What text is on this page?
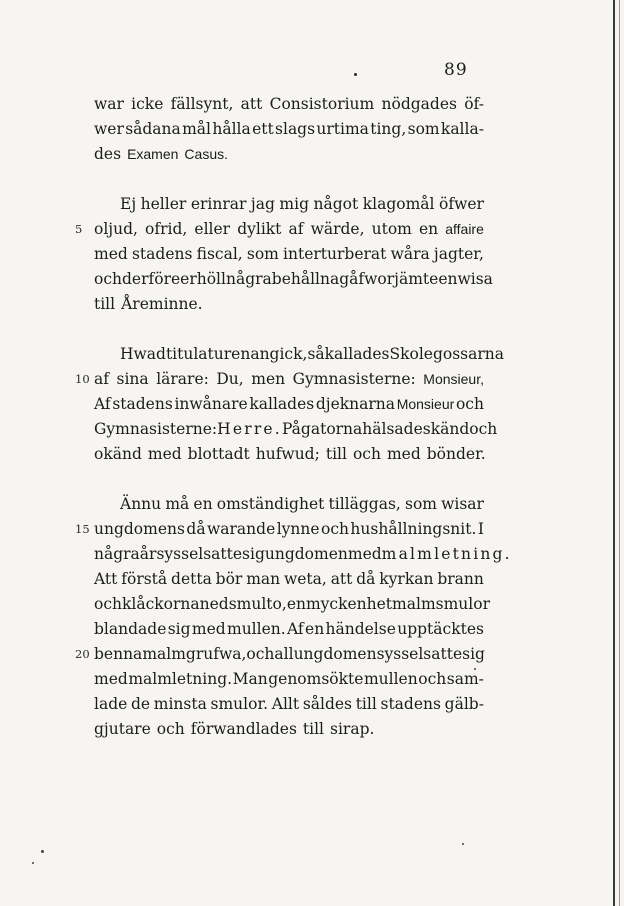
89
war icke fällsynt, att Consistorium nödgades öf-
wer sådana mål hålla ett slags urtima ting, som kalla-
des Examen Casus.
Ej heller erinrar jag mig något klagomål öfwer
5 oljud, ofrid, eller dylikt af wärde, utom en affaire
med stadens fiscal, som interturberat wåra jagter,
och derföre erhöll några behållna gåfwor jämte en wisa
till Åreminne.
Hwad titulaturen angick, så kallades Skolegossarna
10 af sina lärare: Du, men Gymnasisterne: Monsieur,
Af stadens inwånare kallades djeknarna Monsieur och
Gymnasisterne: Herre. På gatorna hälsades känd och
okänd med blottadt hufwud; till och med bönder.
Ännu må en omständighet tilläggas, som wisar
15 ungdomens då warande lynne och hushållningsnit. I
några år sysselsatte sig ungdomen med malmletning.
Att förstå detta bör man weta, att då kyrkan brann
och klåckorna nedsmulto, en myckenhet malmsmulor
blandade sig med mullen. Af en händelse upptäcktes
20 benna malmgrufwa, och all ungdomen sysselsatte sig
med malmletning. Man genomsökte mullen och sam-
lade de minsta smulor. Allt såldes till stadens gälb-
gjutare och förwandlades till sirap.
